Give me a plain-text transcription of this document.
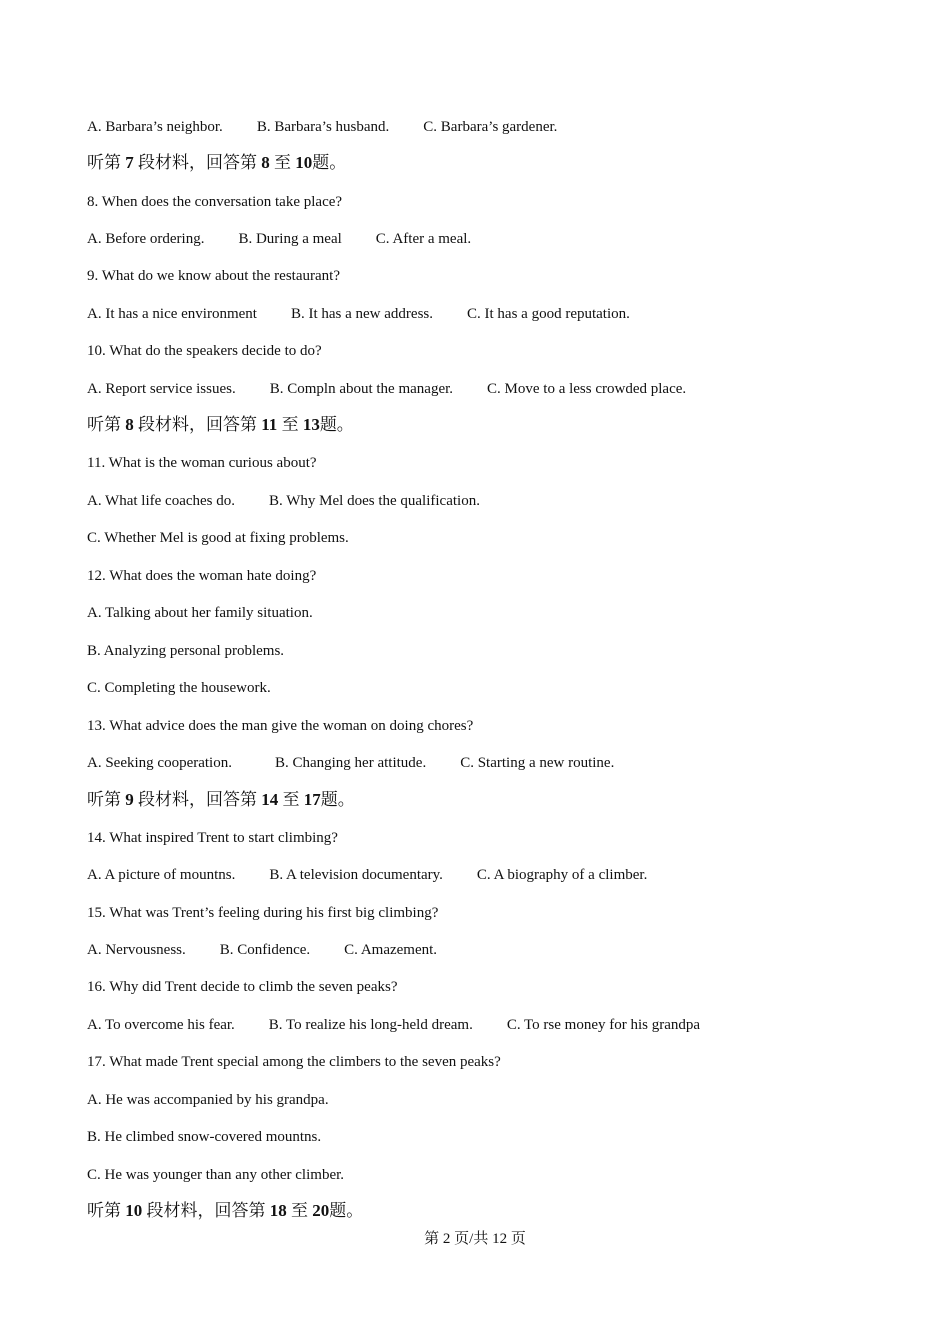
A. Barbara’s neighbor. B. Barbara’s husband. C. Barbara’s gardener.
听第 7 段材料，回答第 8 至 10题。
8. When does the conversation take place?
A. Before ordering. B. During a meal C. After a meal.
9. What do we know about the restaurant?
A. It has a nice environment B. It has a new address. C. It has a good reputation.
10. What do the speakers decide to do?
A. Report service issues. B. Compln about the manager. C. Move to a less crowded place.
听第 8 段材料，回答第 11 至 13题。
11. What is the woman curious about?
A. What life coaches do. B. Why Mel does the qualification.
C. Whether Mel is good at fixing problems.
12. What does the woman hate doing?
A. Talking about her family situation.
B. Analyzing personal problems.
C. Completing the housework.
13. What advice does the man give the woman on doing chores?
A. Seeking cooperation.	B. Changing her attitude. C. Starting a new routine.
听第 9 段材料，回答第 14 至 17题。
14. What inspired Trent to start climbing?
A. A picture of mountns. B. A television documentary. C. A biography of a climber.
15. What was Trent’s feeling during his first big climbing?
A. Nervousness. B. Confidence. C. Amazement.
16. Why did Trent decide to climb the seven peaks?
A. To overcome his fear. B. To realize his long-held dream. C. To rse money for his grandpa
17. What made Trent special among the climbers to the seven peaks?
A. He was accompanied by his grandpa.
B. He climbed snow-covered mountns.
C. He was younger than any other climber.
听第 10 段材料，回答第 18 至 20题。
第 2 页/共 12 页
